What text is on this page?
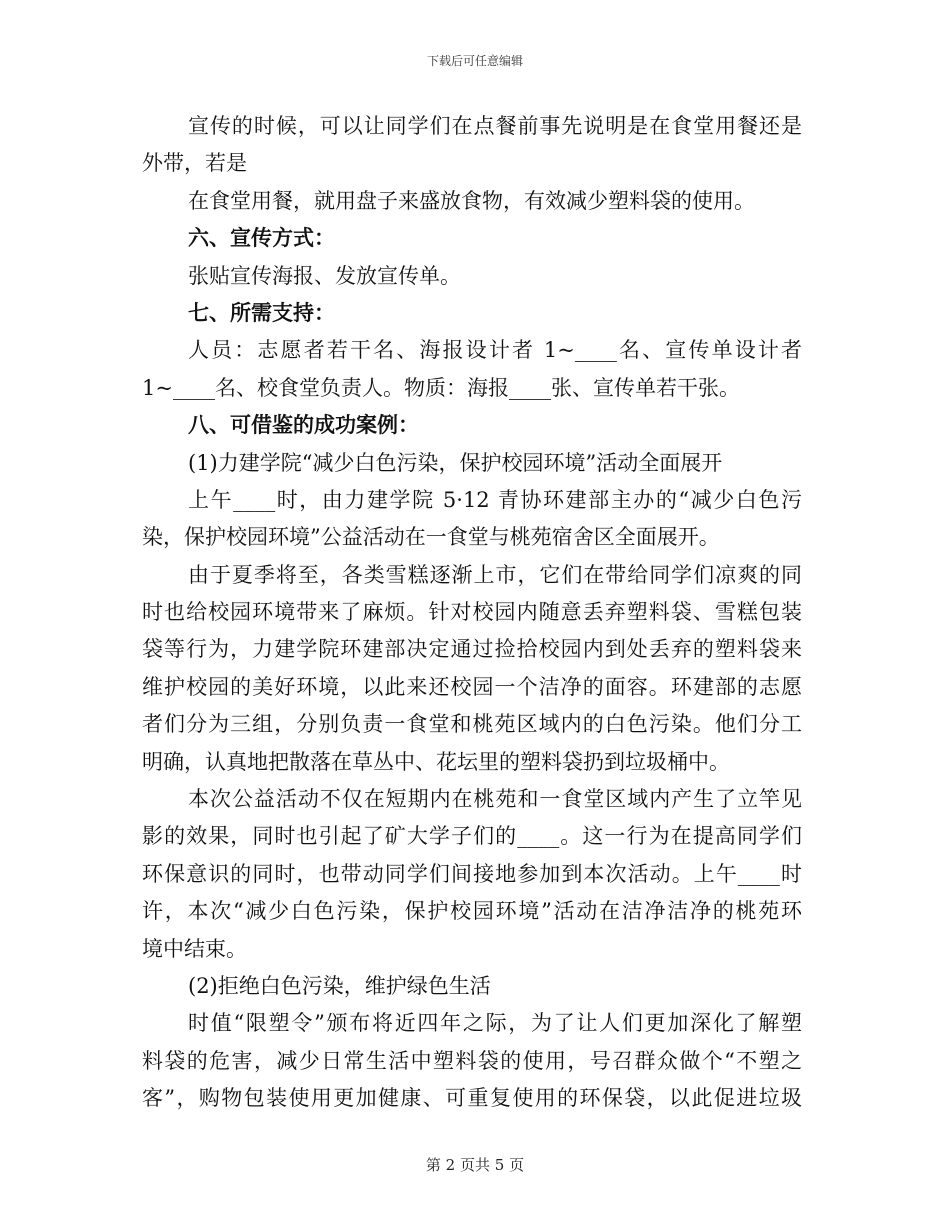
下载后可任意编辑
宣传的时候，可以让同学们在点餐前事先说明是在食堂用餐还是
外带，若是
在食堂用餐，就用盘子来盛放食物，有效减少塑料袋的使用。
六、宣传方式：
张贴宣传海报、发放宣传单。
七、所需支持：
人员：志愿者若干名、海报设计者 1~____名、宣传单设计者
1~____名、校食堂负责人。物质：海报____张、宣传单若干张。
八、可借鉴的成功案例：
(1)力建学院“减少白色污染，保护校园环境”活动全面展开
上午____时，由力建学院 5·12 青协环建部主办的“减少白色污
染，保护校园环境”公益活动在一食堂与桃苑宿舍区全面展开。
由于夏季将至，各类雪糕逐渐上市，它们在带给同学们凉爽的同
时也给校园环境带来了麻烦。针对校园内随意丢弃塑料袋、雪糕包装
袋等行为，力建学院环建部决定通过捡拾校园内到处丢弃的塑料袋来
维护校园的美好环境，以此来还校园一个洁净的面容。环建部的志愿
者们分为三组，分别负责一食堂和桃苑区域内的白色污染。他们分工
明确，认真地把散落在草丛中、花坛里的塑料袋扔到垃圾桶中。
本次公益活动不仅在短期内在桃苑和一食堂区域内产生了立竿见
影的效果，同时也引起了矿大学子们的____。这一行为在提高同学们
环保意识的同时，也带动同学们间接地参加到本次活动。上午____时
许，本次“减少白色污染，保护校园环境”活动在洁净洁净的桃苑环
境中结束。
(2)拒绝白色污染，维护绿色生活
时值“限塑令”颁布将近四年之际，为了让人们更加深化了解塑
料袋的危害，减少日常生活中塑料袋的使用，号召群众做个“不塑之
客”，购物包装使用更加健康、可重复使用的环保袋，以此促进垃圾
第 2 页共 5 页
